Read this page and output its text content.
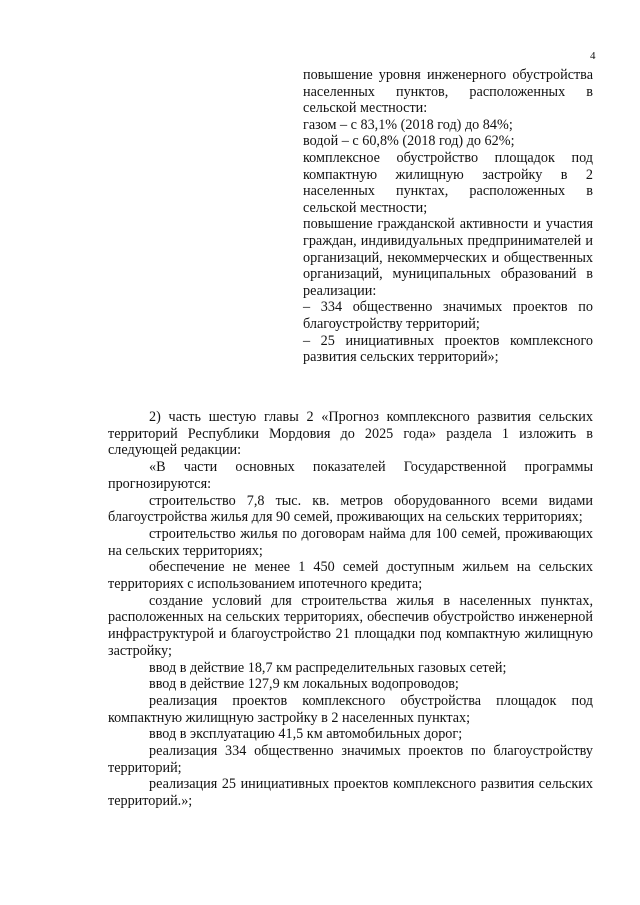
4

повышение уровня инженерного обустройства населенных пунктов, расположенных в сельской местности:

газом – с 83,1% (2018 год) до 84%;

водой – с 60,8% (2018 год) до 62%;

комплексное обустройство площадок под компактную жилищную застройку в 2 населенных пунктах, расположенных в сельской местности;

повышение гражданской активности и участия граждан, индивидуальных предпринимателей и организаций, некоммерческих и общественных организаций, муниципальных образований в реализации:

– 334 общественно значимых проектов по благоустройству территорий;

– 25 инициативных проектов комплексного развития сельских территорий»;

2) часть шестую главы 2 «Прогноз комплексного развития сельских территорий Республики Мордовия до 2025 года» раздела 1 изложить в следующей редакции:

«В части основных показателей Государственной программы прогнозируются:

строительство 7,8 тыс. кв. метров оборудованного всеми видами благоустройства жилья для 90 семей, проживающих на сельских территориях;

строительство жилья по договорам найма для 100 семей, проживающих на сельских территориях;

обеспечение не менее 1 450 семей доступным жильем на сельских территориях с использованием ипотечного кредита;

создание условий для строительства жилья в населенных пунктах, расположенных на сельских территориях, обеспечив обустройство инженерной инфраструктурой и благоустройство 21 площадки под компактную жилищную застройку;

ввод в действие 18,7 км распределительных газовых сетей;

ввод в действие 127,9 км локальных водопроводов;

реализация проектов комплексного обустройства площадок под компактную жилищную застройку в 2 населенных пунктах;

ввод в эксплуатацию 41,5 км автомобильных дорог;

реализация 334 общественно значимых проектов по благоустройству территорий;

реализация 25 инициативных проектов комплексного развития сельских территорий.»;
